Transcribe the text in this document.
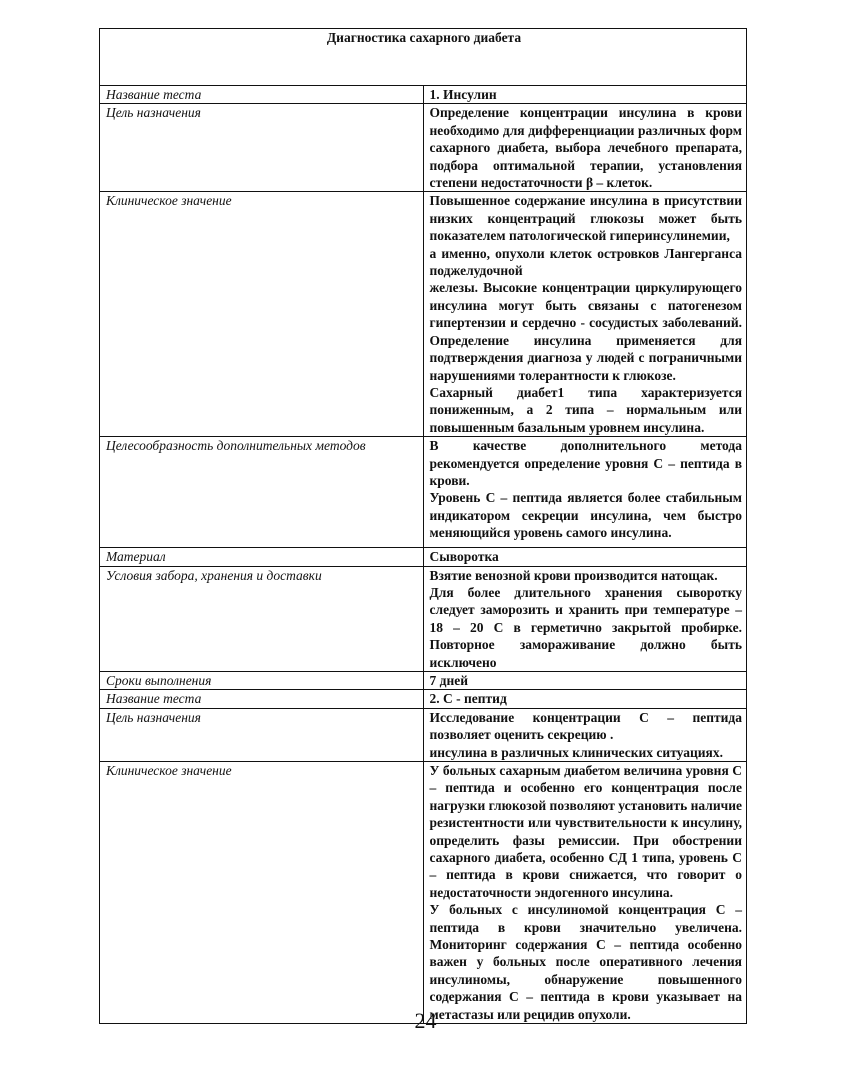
Диагностика сахарного диабета	
Название теста	1. Инсулин

Цель назначения	Определение концентрации инсулина в крови необходимо для дифференциации различных форм сахарного диабета, выбора лечебного препарата, подбора оптимальной терапии, установления степени недостаточности β – клеток.

Клиническое значение	Повышенное содержание инсулина в присутствии низких концентраций глюкозы может быть показателем патологической гиперинсулинемии,

а именно, опухоли клеток островков Лангерганса поджелудочной

железы. Высокие концентрации циркулирующего инсулина могут быть связаны с патогенезом гипертензии и сердечно - сосудистых заболеваний. Определение инсулина применяется для подтверждения диагноза у людей с пограничными нарушениями толерантности к глюкозе.

Сахарный диабет1 типа характеризуется пониженным, а 2 типа – нормальным или повышенным базальным уровнем инсулина.

Целесообразность дополнительных методов	В качестве дополнительного метода рекомендуется определение уровня С – пептида в крови.

Уровень С – пептида является более стабильным индикатором секреции инсулина, чем быстро меняющийся уровень самого инсулина.

Материал	Сыворотка

Условия забора, хранения и доставки	Взятие венозной крови производится натощак.

Для более длительного хранения сыворотку следует заморозить и хранить при температуре – 18 – 20 С в герметично закрытой пробирке. Повторное замораживание должно быть исключено

Сроки выполнения	7 дней

Название теста	2. С - пептид

Цель назначения	Исследование концентрации С – пептида позволяет оценить секрецию .

инсулина в различных клинических ситуациях.

Клиническое значение	У больных сахарным диабетом величина уровня С – пептида и особенно его концентрация после нагрузки глюкозой позволяют установить наличие резистентности или чувствительности к инсулину, определить фазы ремиссии. При обострении сахарного диабета, особенно СД 1 типа, уровень С – пептида в крови снижается, что говорит о недостаточности эндогенного инсулина.

У больных с инсулиномой концентрация С – пептида в крови значительно увеличена. Мониторинг содержания С – пептида особенно важен у больных после оперативного лечения инсулиномы, обнаружение повышенного содержания С – пептида в крови указывает на метастазы или рецидив опухоли.

24
